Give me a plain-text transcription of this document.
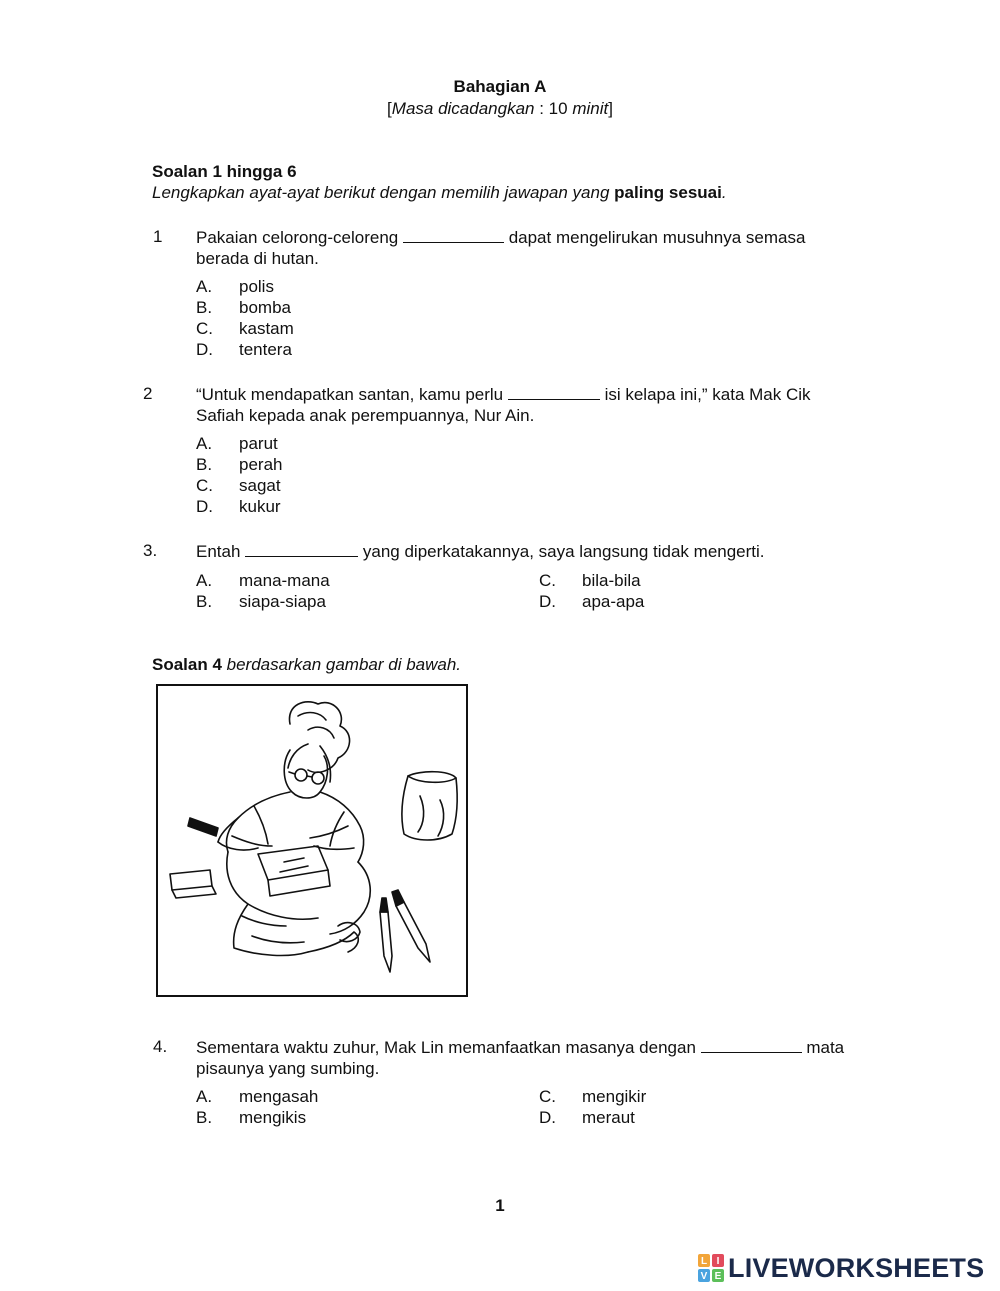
Bahagian A
[Masa dicadangkan : 10 minit]
Soalan 1 hingga 6
Lengkapkan ayat-ayat berikut dengan memilih jawapan yang paling sesuai.
1 Pakaian celorong-celoreng	dapat mengelirukan musuhnya semasa berada di hutan.
A. polis
B. bomba
C. kastam
D. tentera
2	“Untuk mendapatkan santan, kamu perlu	isi kelapa ini,” kata Mak Cik Safiah kepada anak perempuannya, Nur Ain.
A. parut
B. perah
C. sagat
D. kukur
3. Entah	yang diperkatakannya, saya langsung tidak mengerti.
A. mana-mana
B. siapa-siapa
C. bila-bila
D. apa-apa
Soalan 4 berdasarkan gambar di bawah.
4. Sementara waktu zuhur, Mak Lin memanfaatkan masanya dengan	mata pisaunya yang sumbing.
A. mengasah
B. mengikis
C. mengikir
D. meraut
1
L I
V E LIVEWORKSHEETS
